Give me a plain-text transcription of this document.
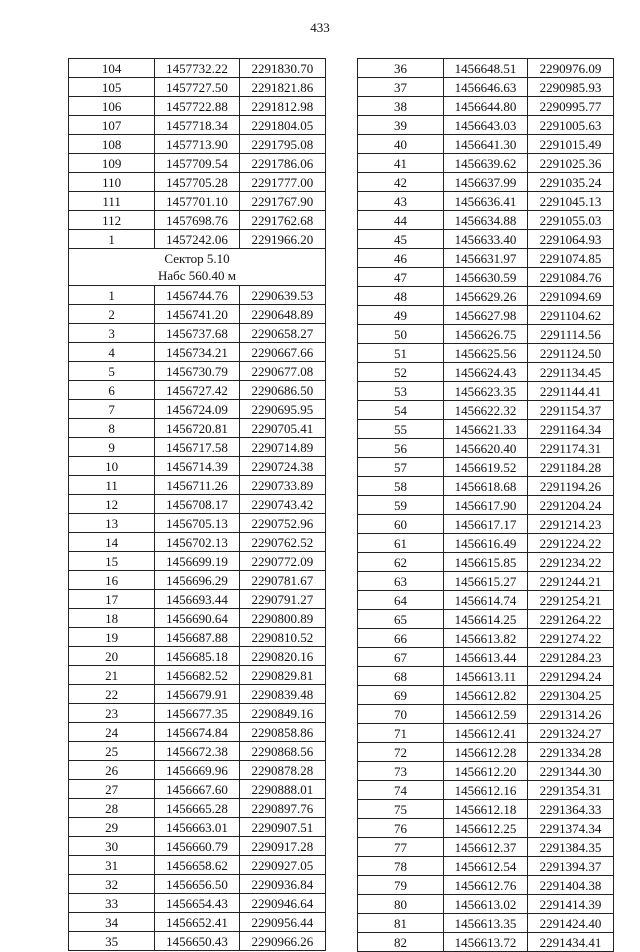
433
104	1457732.22	2291830.70
105	1457727.50	2291821.86
106	1457722.88	2291812.98
107	1457718.34	2291804.05
108	1457713.90	2291795.08
109	1457709.54	2291786.06
110	1457705.28	2291777.00
111	1457701.10	2291767.90
112	1457698.76	2291762.68
1	1457242.06	2291966.20

Сектор 5.10
Набс 560.40 м		

1	1456744.76	2290639.53
2	1456741.20	2290648.89
3	1456737.68	2290658.27
4	1456734.21	2290667.66
5	1456730.79	2290677.08
6	1456727.42	2290686.50
7	1456724.09	2290695.95
8	1456720.81	2290705.41
9	1456717.58	2290714.89
10	1456714.39	2290724.38
11	1456711.26	2290733.89
12	1456708.17	2290743.42
13	1456705.13	2290752.96
14	1456702.13	2290762.52
15	1456699.19	2290772.09
16	1456696.29	2290781.67
17	1456693.44	2290791.27
18	1456690.64	2290800.89
19	1456687.88	2290810.52
20	1456685.18	2290820.16
21	1456682.52	2290829.81
22	1456679.91	2290839.48
23	1456677.35	2290849.16
24	1456674.84	2290858.86
25	1456672.38	2290868.56
26	1456669.96	2290878.28
27	1456667.60	2290888.01
28	1456665.28	2290897.76
29	1456663.01	2290907.51
30	1456660.79	2290917.28
31	1456658.62	2290927.05
32	1456656.50	2290936.84
33	1456654.43	2290946.64
34	1456652.41	2290956.44
35	1456650.43	2290966.26
36	1456648.51	2290976.09
37	1456646.63	2290985.93
38	1456644.80	2290995.77
39	1456643.03	2291005.63
40	1456641.30	2291015.49
41	1456639.62	2291025.36
42	1456637.99	2291035.24
43	1456636.41	2291045.13
44	1456634.88	2291055.03
45	1456633.40	2291064.93
46	1456631.97	2291074.85
47	1456630.59	2291084.76
48	1456629.26	2291094.69
49	1456627.98	2291104.62
50	1456626.75	2291114.56
51	1456625.56	2291124.50
52	1456624.43	2291134.45
53	1456623.35	2291144.41
54	1456622.32	2291154.37
55	1456621.33	2291164.34
56	1456620.40	2291174.31
57	1456619.52	2291184.28
58	1456618.68	2291194.26
59	1456617.90	2291204.24
60	1456617.17	2291214.23
61	1456616.49	2291224.22
62	1456615.85	2291234.22
63	1456615.27	2291244.21
64	1456614.74	2291254.21
65	1456614.25	2291264.22
66	1456613.82	2291274.22
67	1456613.44	2291284.23
68	1456613.11	2291294.24
69	1456612.82	2291304.25
70	1456612.59	2291314.26
71	1456612.41	2291324.27
72	1456612.28	2291334.28
73	1456612.20	2291344.30
74	1456612.16	2291354.31
75	1456612.18	2291364.33
76	1456612.25	2291374.34
77	1456612.37	2291384.35
78	1456612.54	2291394.37
79	1456612.76	2291404.38
80	1456613.02	2291414.39
81	1456613.35	2291424.40
82	1456613.72	2291434.41
